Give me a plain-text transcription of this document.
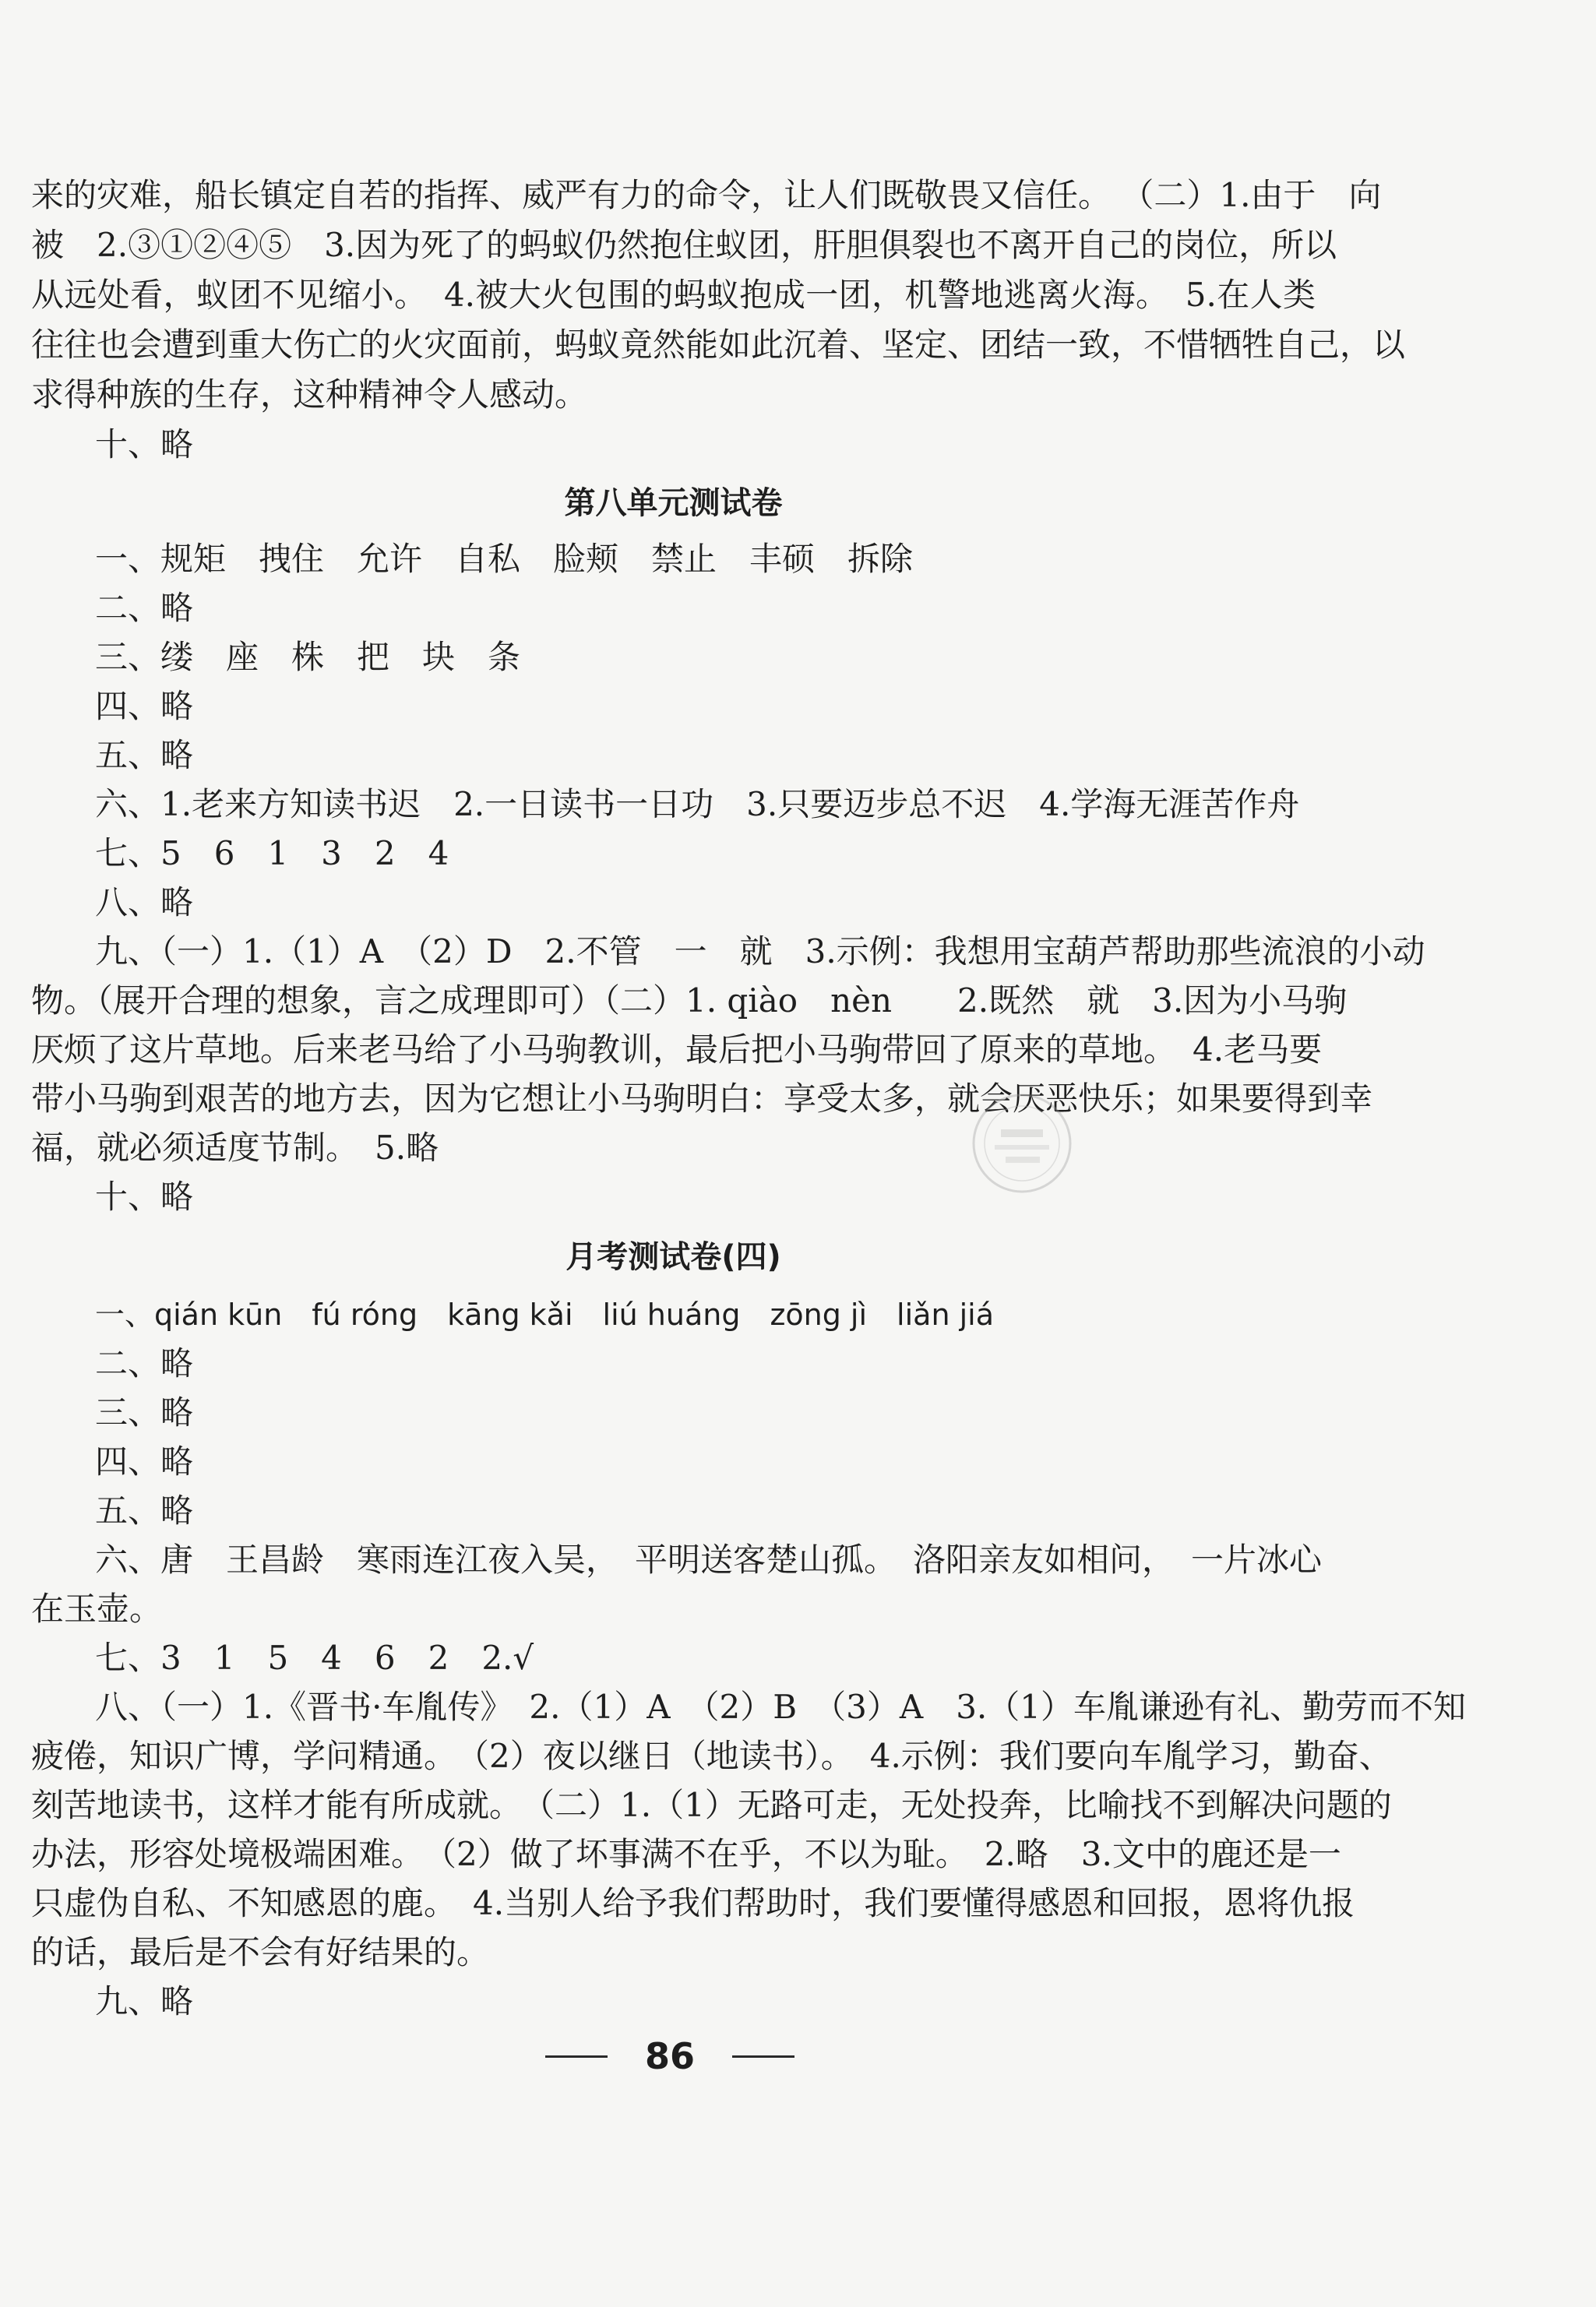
来的灾难，船长镇定自若的指挥、威严有力的命令，让人们既敬畏又信任。 （二）1.由于　向
被　2.③①②④⑤　3.因为死了的蚂蚁仍然抱住蚁团，肝胆俱裂也不离开自己的岗位，所以
从远处看，蚁团不见缩小。　4.被大火包围的蚂蚁抱成一团，机警地逃离火海。　5.在人类
往往也会遭到重大伤亡的火灾面前，蚂蚁竟然能如此沉着、坚定、团结一致，不惜牺牲自己，以
求得种族的生存，这种精神令人感动。
十、略
第八单元测试卷
一、规矩　拽住　允许　自私　脸颊　禁止　丰硕　拆除
二、略
三、缕　座　株　把　块　条
四、略
五、略
六、1.老来方知读书迟　2.一日读书一日功　3.只要迈步总不迟　4.学海无涯苦作舟
七、5　6　1　3　2　4
八、略
九、（一）1.（1）A　（2）D　2.不管　一　就　3.示例：我想用宝葫芦帮助那些流浪的小动
物。（展开合理的想象，言之成理即可）（二）1. qiào　nèn　　2.既然　就　3.因为小马驹
厌烦了这片草地。后来老马给了小马驹教训，最后把小马驹带回了原来的草地。　4.老马要
带小马驹到艰苦的地方去，因为它想让小马驹明白：享受太多，就会厌恶快乐；如果要得到幸
福，就必须适度节制。　5.略
十、略
月考测试卷(四)
一、qián kūn　fú róng　kāng kǎi　liú huáng　zōng jì　liǎn jiá
二、略
三、略
四、略
五、略
六、唐　王昌龄　寒雨连江夜入吴，　平明送客楚山孤。　洛阳亲友如相问，　一片冰心
在玉壶。
七、3　1　5　4　6　2　2.√
八、（一）1.《晋书·车胤传》　2.（1）A　（2）B　（3）A　3.（1）车胤谦逊有礼、勤劳而不知
疲倦，知识广博，学问精通。　（2）夜以继日（地读书）。　4.示例：我们要向车胤学习，勤奋、
刻苦地读书，这样才能有所成就。　（二）1.（1）无路可走，无处投奔，比喻找不到解决问题的
办法，形容处境极端困难。　（2）做了坏事满不在乎，不以为耻。　2.略　3.文中的鹿还是一
只虚伪自私、不知感恩的鹿。　4.当别人给予我们帮助时，我们要懂得感恩和回报，恩将仇报
的话，最后是不会有好结果的。
九、略
86
